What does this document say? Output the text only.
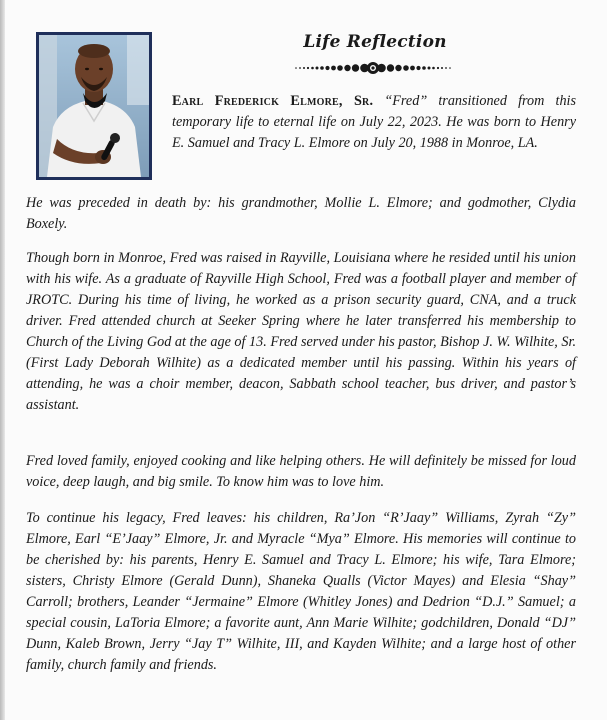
Life Reflection
Earl Frederick Elmore, Sr. “Fred” transitioned from this temporary life to eternal life on July 22, 2023. He was born to Henry E. Samuel and Tracy L. Elmore on July 20, 1988 in Monroe, LA.

He was preceded in death by: his grandmother, Mollie L. Elmore; and godmother, Clydia Boxely.

Though born in Monroe, Fred was raised in Rayville, Louisiana where he resided until his union with his wife. As a graduate of Rayville High School, Fred was a football player and member of JROTC. During his time of living, he worked as a prison security guard, CNA, and a truck driver. Fred attended church at Seeker Spring where he later transferred his membership to Church of the Living God at the age of 13. Fred served under his pastor, Bishop J. W. Wilhite, Sr. (First Lady Deborah Wilhite) as a dedicated member until his passing. Within his years of attending, he was a choir member, deacon, Sabbath school teacher, bus driver, and pastor’s assistant.

Fred loved family, enjoyed cooking and like helping others. He will definitely be missed for loud voice, deep laugh, and big smile. To know him was to love him.

To continue his legacy, Fred leaves: his children, Ra’Jon “R’Jaay” Williams, Zyrah “Zy” Elmore, Earl “E’Jaay” Elmore, Jr. and Myracle “Mya” Elmore. His memories will continue to be cherished by: his parents, Henry E. Samuel and Tracy L. Elmore; his wife, Tara Elmore; sisters, Christy Elmore (Gerald Dunn), Shaneka Qualls (Victor Mayes) and Elesia “Shay” Carroll; brothers, Leander “Jermaine” Elmore (Whitley Jones) and Dedrion “D.J.” Samuel; a special cousin, LaToria Elmore; a favorite aunt, Ann Marie Wilhite; godchildren, Donald “DJ” Dunn, Kaleb Brown, Jerry “Jay T” Wilhite, III, and Kayden Wilhite; and a large host of other family, church family and friends.
